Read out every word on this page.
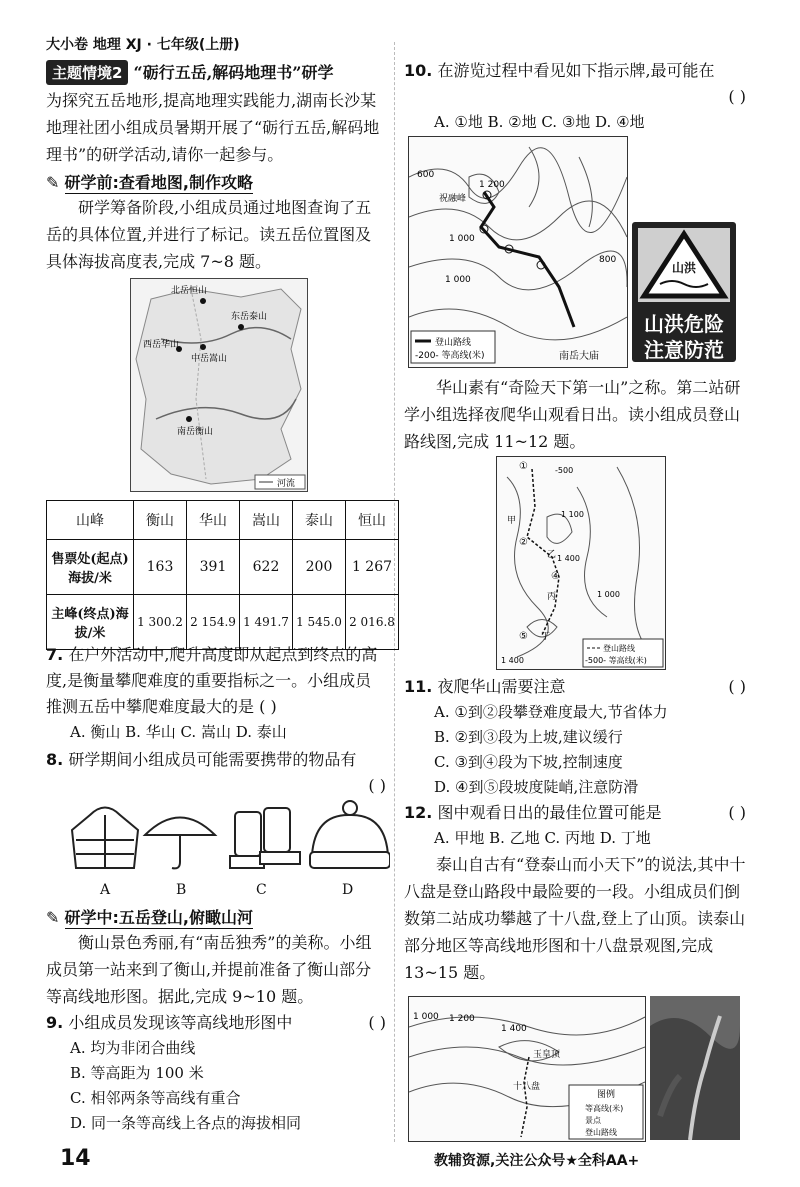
大小卷 地理 XJ · 七年级(上册)
主题情境2 “砺行五岳,解码地理书”研学

为探究五岳地形,提高地理实践能力,湖南长沙某地理社团小组成员暑期开展了“砺行五岳,解码地理书”的研学活动,请你一起参与。

✎ 研学前:查看地图,制作攻略

研学筹备阶段,小组成员通过地图查询了五岳的具体位置,并进行了标记。读五岳位置图及具体海拔高度表,完成 7~8 题。

北岳恒山
东岳泰山
西岳华山
中岳嵩山
南岳衡山
河流
山峰	衡山	华山	嵩山	泰山	恒山
售票处(起点)海拔/米	163	391	622	200	1 267
主峰(终点)海拔/米	1 300.2	2 154.9	1 491.7	1 545.0	2 016.8
7. 在户外活动中,爬升高度即从起点到终点的高度,是衡量攀爬难度的重要指标之一。小组成员推测五岳中攀爬难度最大的是 ( )
A. 衡山 B. 华山 C. 嵩山 D. 泰山
8. 研学期间小组成员可能需要携带的物品有
( )
A	B	C	D
✎ 研学中:五岳登山,俯瞰山河

衡山景色秀丽,有“南岳独秀”的美称。小组成员第一站来到了衡山,并提前准备了衡山部分等高线地形图。据此,完成 9~10 题。

9. 小组成员发现该等高线地形图中	( )
A. 均为非闭合曲线
B. 等高距为 100 米
C. 相邻两条等高线有重合
D. 同一条等高线上各点的海拔相同
10. 在游览过程中看见如下指示牌,最可能在
( )
A. ①地 B. ②地 C. ③地 D. ④地
600
1 200
祝融峰
1 000
1 000
800
南岳大庙
登山路线
-200- 等高线(米)
山洪
山洪危险
注意防范

华山素有“奇险天下第一山”之称。第二站研学小组选择夜爬华山观看日出。读小组成员登山路线图,完成 11~12 题。

①	-500
②
乙 1 400
④
丙
⑤ 丁
甲
1 400
1 000
1 100
登山路线
-500- 等高线(米)
11. 夜爬华山需要注意	( )
A. ①到②段攀登难度最大,节省体力
B. ②到③段为上坡,建议缓行
C. ③到④段为下坡,控制速度
D. ④到⑤段坡度陡峭,注意防滑
12. 图中观看日出的最佳位置可能是	( )
A. 甲地 B. 乙地 C. 丙地 D. 丁地

泰山自古有“登泰山而小天下”的说法,其中十八盘是登山路段中最险要的一段。小组成员们倒数第二站成功攀越了十八盘,登上了山顶。读泰山部分地区等高线地形图和十八盘景观图,完成 13~15 题。

1 000 1 200
1 400
玉皇顶
十八盘
图例
等高线(米)
景点
登山路线
14	教辅资源,关注公众号★全科AA+
